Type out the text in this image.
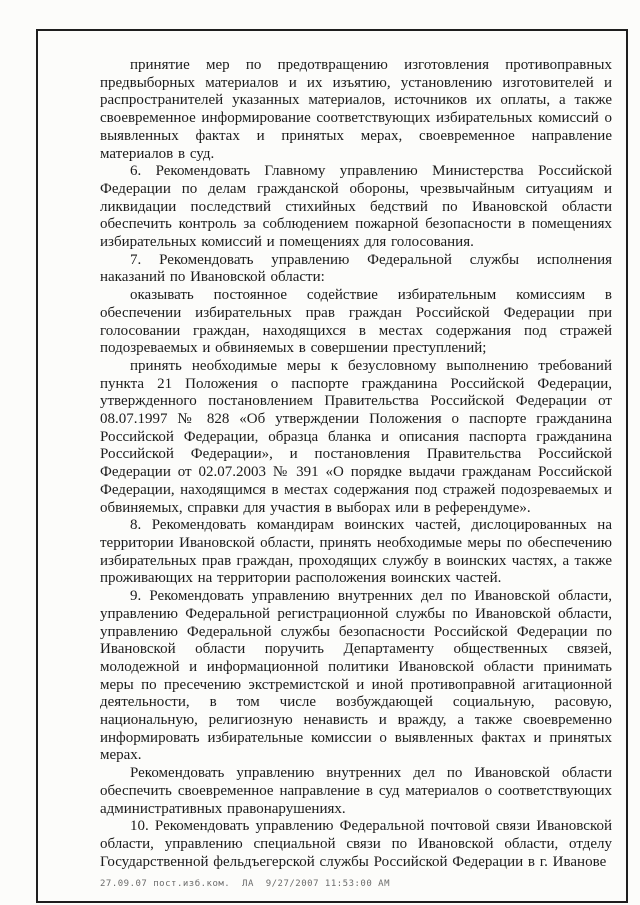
принятие мер по предотвращению изготовления противоправных предвыборных материалов и их изъятию, установлению изготовителей и распространителей указанных материалов, источников их оплаты, а также своевременное информирование соответствующих избирательных комиссий о выявленных фактах и принятых мерах, своевременное направление материалов в суд.

6. Рекомендовать Главному управлению Министерства Российской Федерации по делам гражданской обороны, чрезвычайным ситуациям и ликвидации последствий стихийных бедствий по Ивановской области обеспечить контроль за соблюдением пожарной безопасности в помещениях избирательных комиссий и помещениях для голосования.

7. Рекомендовать управлению Федеральной службы исполнения наказаний по Ивановской области:

оказывать постоянное содействие избирательным комиссиям в обеспечении избирательных прав граждан Российской Федерации при голосовании граждан, находящихся в местах содержания под стражей подозреваемых и обвиняемых в совершении преступлений;

принять необходимые меры к безусловному выполнению требований пункта 21 Положения о паспорте гражданина Российской Федерации, утвержденного постановлением Правительства Российской Федерации от 08.07.1997 № 828 «Об утверждении Положения о паспорте гражданина Российской Федерации, образца бланка и описания паспорта гражданина Российской Федерации», и постановления Правительства Российской Федерации от 02.07.2003 № 391 «О порядке выдачи гражданам Российской Федерации, находящимся в местах содержания под стражей подозреваемых и обвиняемых, справки для участия в выборах или в референдуме».

8. Рекомендовать командирам воинских частей, дислоцированных на территории Ивановской области, принять необходимые меры по обеспечению избирательных прав граждан, проходящих службу в воинских частях, а также проживающих на территории расположения воинских частей.

9. Рекомендовать управлению внутренних дел по Ивановской области, управлению Федеральной регистрационной службы по Ивановской области, управлению Федеральной службы безопасности Российской Федерации по Ивановской области поручить Департаменту общественных связей, молодежной и информационной политики Ивановской области принимать меры по пресечению экстремистской и иной противоправной агитационной деятельности, в том числе возбуждающей социальную, расовую, национальную, религиозную ненависть и вражду, а также своевременно информировать избирательные комиссии о выявленных фактах и принятых мерах.

Рекомендовать управлению внутренних дел по Ивановской области обеспечить своевременное направление в суд материалов о соответствующих административных правонарушениях.

10. Рекомендовать управлению Федеральной почтовой связи Ивановской области, управлению специальной связи по Ивановской области, отделу Государственной фельдъегерской службы Российской Федерации в г. Иванове

27.09.07 пост.изб.ком.  ЛА  9/27/2007 11:53:00 AM
